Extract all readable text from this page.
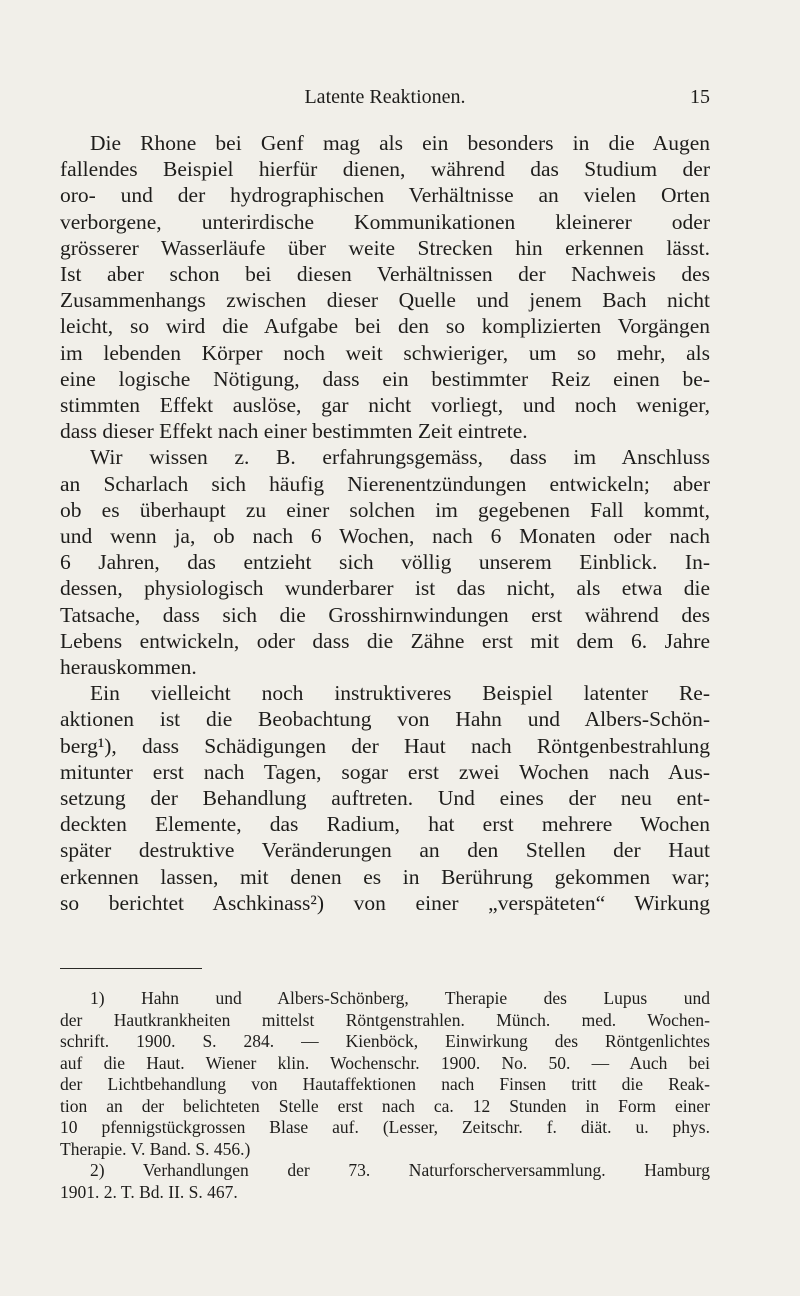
Latente Reaktionen.	15
Die Rhone bei Genf mag als ein besonders in die Augen
fallendes Beispiel hierfür dienen, während das Studium der
oro- und der hydrographischen Verhältnisse an vielen Orten
verborgene, unterirdische Kommunikationen kleinerer oder
grösserer Wasserläufe über weite Strecken hin erkennen lässt.
Ist aber schon bei diesen Verhältnissen der Nachweis des
Zusammenhangs zwischen dieser Quelle und jenem Bach nicht
leicht, so wird die Aufgabe bei den so komplizierten Vorgängen
im lebenden Körper noch weit schwieriger, um so mehr, als
eine logische Nötigung, dass ein bestimmter Reiz einen be-
stimmten Effekt auslöse, gar nicht vorliegt, und noch weniger,
dass dieser Effekt nach einer bestimmten Zeit eintrete.
Wir wissen z. B. erfahrungsgemäss, dass im Anschluss
an Scharlach sich häufig Nierenentzündungen entwickeln; aber
ob es überhaupt zu einer solchen im gegebenen Fall kommt,
und wenn ja, ob nach 6 Wochen, nach 6 Monaten oder nach
6 Jahren, das entzieht sich völlig unserem Einblick. In-
dessen, physiologisch wunderbarer ist das nicht, als etwa die
Tatsache, dass sich die Grosshirnwindungen erst während des
Lebens entwickeln, oder dass die Zähne erst mit dem 6. Jahre
herauskommen.
Ein vielleicht noch instruktiveres Beispiel latenter Re-
aktionen ist die Beobachtung von Hahn und Albers-Schön-
berg¹), dass Schädigungen der Haut nach Röntgenbestrahlung
mitunter erst nach Tagen, sogar erst zwei Wochen nach Aus-
setzung der Behandlung auftreten. Und eines der neu ent-
deckten Elemente, das Radium, hat erst mehrere Wochen
später destruktive Veränderungen an den Stellen der Haut
erkennen lassen, mit denen es in Berührung gekommen war;
so berichtet Aschkinass²) von einer „verspäteten“ Wirkung
1) Hahn und Albers-Schönberg, Therapie des Lupus und
der Hautkrankheiten mittelst Röntgenstrahlen. Münch. med. Wochen-
schrift. 1900. S. 284. — Kienböck, Einwirkung des Röntgenlichtes
auf die Haut. Wiener klin. Wochenschr. 1900. No. 50. — Auch bei
der Lichtbehandlung von Hautaffektionen nach Finsen tritt die Reak-
tion an der belichteten Stelle erst nach ca. 12 Stunden in Form einer
10 pfennigstückgrossen Blase auf. (Lesser, Zeitschr. f. diät. u. phys.
Therapie. V. Band. S. 456.)
2) Verhandlungen der 73. Naturforscherversammlung. Hamburg
1901. 2. T. Bd. II. S. 467.
